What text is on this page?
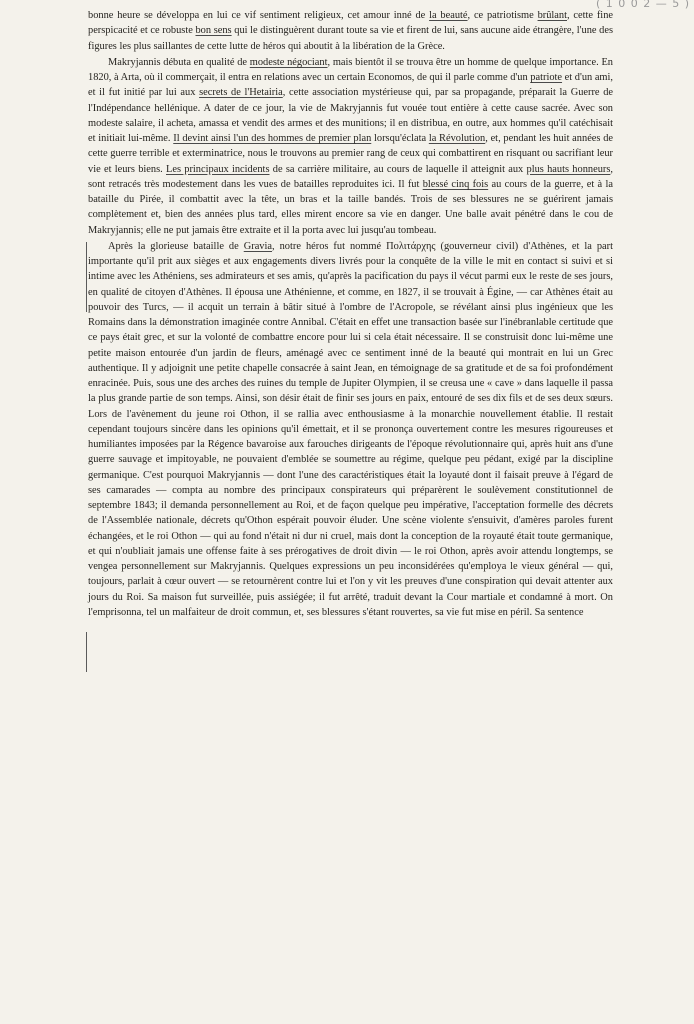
( 1 0 0 2 — 5 )

bonne heure se développa en lui ce vif sentiment religieux, cet amour inné de la beauté, ce patriotisme brûlant, cette fine perspicacité et ce robuste bon sens qui le distinguèrent durant toute sa vie et firent de lui, sans aucune aide étrangère, l'une des figures les plus saillantes de cette lutte de héros qui aboutit à la libération de la Grèce.

Makryjannis débuta en qualité de modeste négociant, mais bientôt il se trouva être un homme de quelque importance. En 1820, à Arta, où il commerçait, il entra en relations avec un certain Economos, de qui il parle comme d'un patriote et d'un ami, et il fut initié par lui aux secrets de l'Hetairia, cette association mystérieuse qui, par sa propagande, préparait la Guerre de l'Indépendance hellénique. A dater de ce jour, la vie de Makryjannis fut vouée tout entière à cette cause sacrée. Avec son modeste salaire, il acheta, amassa et vendit des armes et des munitions; il en distribua, en outre, aux hommes qu'il catéchisait et initiait lui-même. Il devint ainsi l'un des hommes de premier plan lorsqu'éclata la Révolution, et, pendant les huit années de cette guerre terrible et exterminatrice, nous le trouvons au premier rang de ceux qui combattirent en risquant ou sacrifiant leur vie et leurs biens. Les principaux incidents de sa carrière militaire, au cours de laquelle il atteignit aux plus hauts honneurs, sont retracés très modestement dans les vues de batailles reproduites ici. Il fut blessé cinq fois au cours de la guerre, et à la bataille du Pirée, il combattit avec la tête, un bras et la taille bandés. Trois de ses blessures ne se guérirent jamais complètement et, bien des années plus tard, elles mirent encore sa vie en danger. Une balle avait pénétré dans le cou de Makryjannis; elle ne put jamais être extraite et il la porta avec lui jusqu'au tombeau.

Après la glorieuse bataille de Gravia, notre héros fut nommé Πολιτάρχης (gouverneur civil) d'Athènes, et la part importante qu'il prit aux sièges et aux engagements divers livrés pour la conquête de la ville le mit en contact si suivi et si intime avec les Athéniens, ses admirateurs et ses amis, qu'après la pacification du pays il vécut parmi eux le reste de ses jours, en qualité de citoyen d'Athènes. Il épousa une Athénienne, et comme, en 1827, il se trouvait à Égine, — car Athènes était au pouvoir des Turcs, — il acquit un terrain à bâtir situé à l'ombre de l'Acropole, se révélant ainsi plus ingénieux que les Romains dans la démonstration imaginée contre Annibal. C'était en effet une transaction basée sur l'inébranlable certitude que ce pays était grec, et sur la volonté de combattre encore pour lui si cela était nécessaire. Il se construisit donc lui-même une petite maison entourée d'un jardin de fleurs, aménagé avec ce sentiment inné de la beauté qui montrait en lui un Grec authentique. Il y adjoignit une petite chapelle consacrée à saint Jean, en témoignage de sa gratitude et de sa foi profondément enracinée. Puis, sous une des arches des ruines du temple de Jupiter Olympien, il se creusa une « cave » dans laquelle il passa la plus grande partie de son temps. Ainsi, son désir était de finir ses jours en paix, entouré de ses dix fils et de ses deux sœurs. Lors de l'avènement du jeune roi Othon, il se rallia avec enthousiasme à la monarchie nouvellement établie. Il restait cependant toujours sincère dans les opinions qu'il émettait, et il se prononça ouvertement contre les mesures rigoureuses et humiliantes imposées par la Régence bavaroise aux farouches dirigeants de l'époque révolutionnaire qui, après huit ans d'une guerre sauvage et impitoyable, ne pouvaient d'emblée se soumettre au régime, quelque peu pédant, exigé par la discipline germanique. C'est pourquoi Makryjannis — dont l'une des caractéristiques était la loyauté dont il faisait preuve à l'égard de ses camarades — compta au nombre des principaux conspirateurs qui préparèrent le soulèvement constitutionnel de septembre 1843; il demanda personnellement au Roi, et de façon quelque peu impérative, l'acceptation formelle des décrets de l'Assemblée nationale, décrets qu'Othon espérait pouvoir éluder. Une scène violente s'ensuivit, d'amères paroles furent échangées, et le roi Othon — qui au fond n'était ni dur ni cruel, mais dont la conception de la royauté était toute germanique, et qui n'oubliait jamais une offense faite à ses prérogatives de droit divin — le roi Othon, après avoir attendu longtemps, se vengea personnellement sur Makryjannis. Quelques expressions un peu inconsidérées qu'employa le vieux général — qui, toujours, parlait à cœur ouvert — se retournèrent contre lui et l'on y vit les preuves d'une conspiration qui devait attenter aux jours du Roi. Sa maison fut surveillée, puis assiégée; il fut arrêté, traduit devant la Cour martiale et condamné à mort. On l'emprisonna, tel un malfaiteur de droit commun, et, ses blessures s'étant rouvertes, sa vie fut mise en péril. Sa sentence
